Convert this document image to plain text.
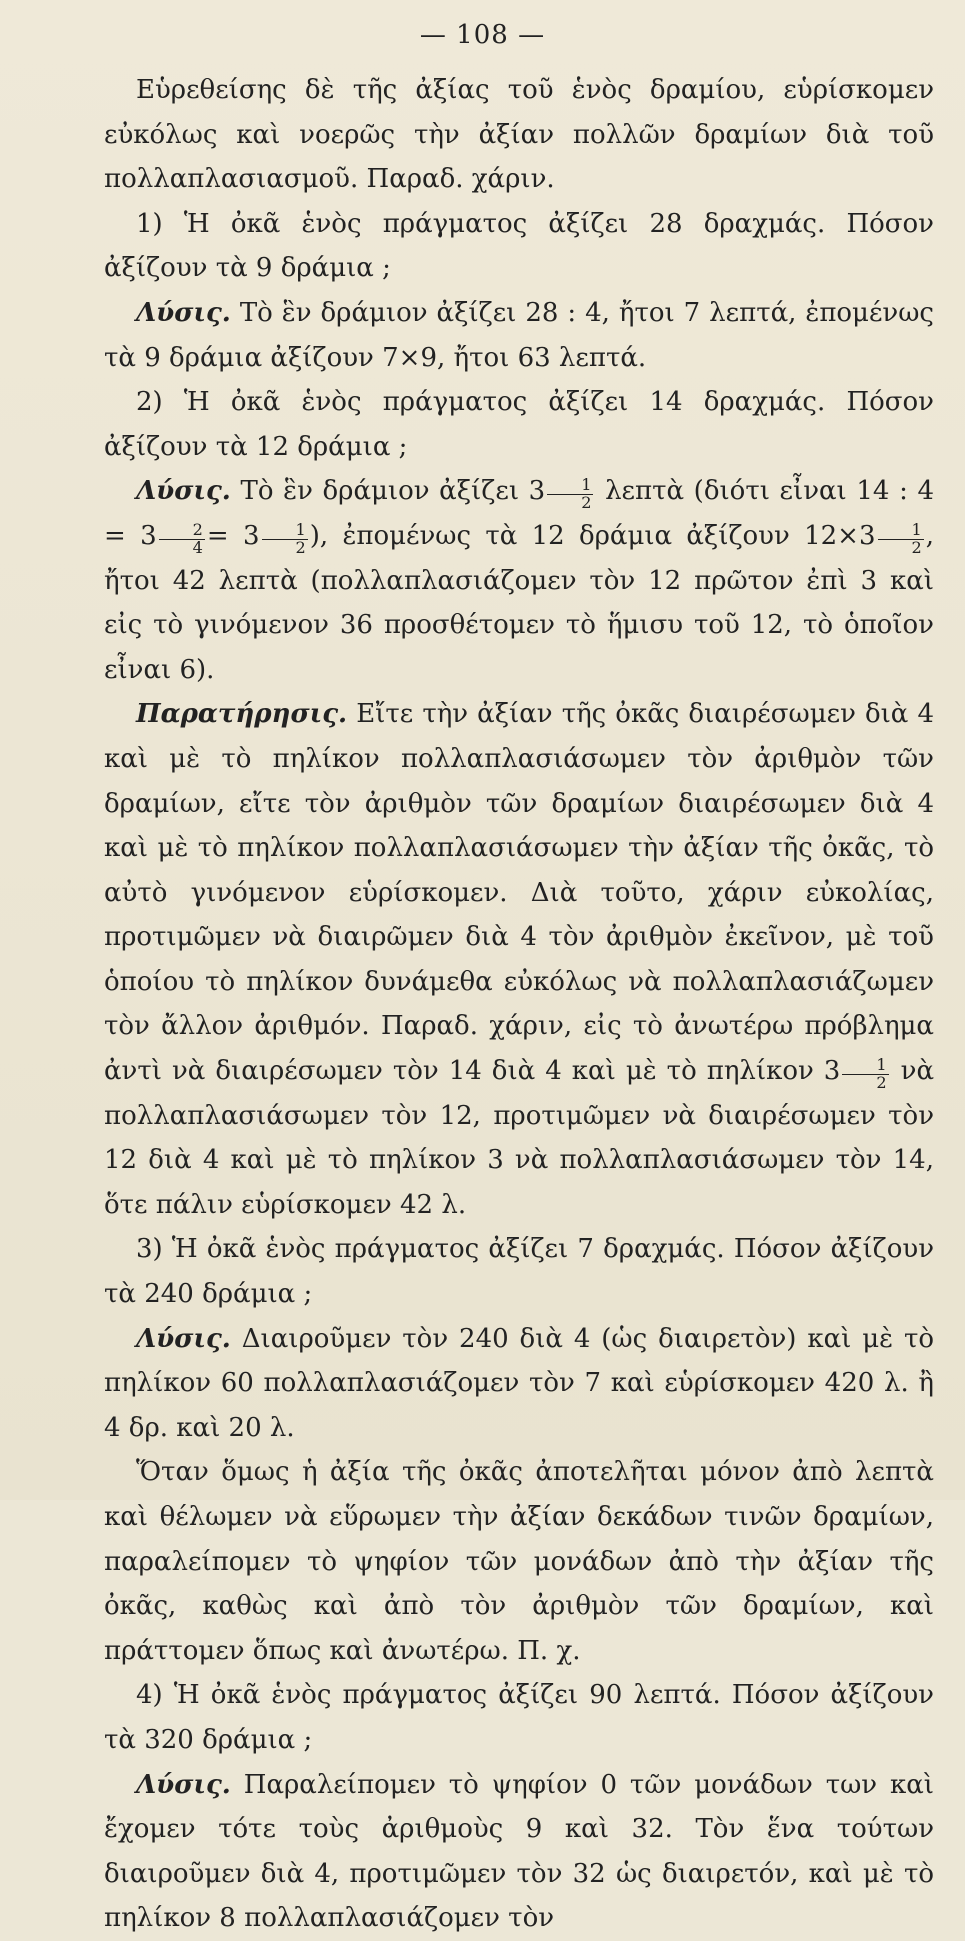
— 108 —

Εὑρεθείσης δὲ τῆς ἀξίας τοῦ ἑνὸς δραμίου, εὑρίσκομεν εὐκόλως καὶ νοερῶς τὴν ἀξίαν πολλῶν δραμίων διὰ τοῦ πολλαπλασιασμοῦ. Παραδ. χάριν.

1) Ἡ ὀκᾶ ἑνὸς πράγματος ἀξίζει 28 δραχμάς. Πόσον ἀξίζουν τὰ 9 δράμια ;

Λύσις. Τὸ ἓν δράμιον ἀξίζει 28 : 4, ἤτοι 7 λεπτά, ἐπομένως τὰ 9 δράμια ἀξίζουν 7×9, ἤτοι 63 λεπτά.

2) Ἡ ὀκᾶ ἑνὸς πράγματος ἀξίζει 14 δραχμάς. Πόσον ἀξίζουν τὰ 12 δράμια ;

Λύσις. Τὸ ἓν δράμιον ἀξίζει $3 \frac{1}{2}$ λεπτὰ (διότι εἶναι 14 : $4 = 3 \frac{2}{4} = 3 \frac{1}{2}$ ), ἐπομένως τὰ 12 δράμια ἀξίζουν $12\times 3 \frac{1}{2}$ , ἤτοι 42 λεπτὰ (πολλαπλασιάζομεν τὸν 12 πρῶτον ἐπὶ 3 καὶ εἰς τὸ γινόμενον 36 προσθέτομεν τὸ ἥμισυ τοῦ 12, τὸ ὁποῖον εἶναι 6).

Παρατήρησις. Εἴτε τὴν ἀξίαν τῆς ὀκᾶς διαιρέσωμεν διὰ 4 καὶ μὲ τὸ πηλίκον πολλαπλασιάσωμεν τὸν ἀριθμὸν τῶν δραμίων, εἴτε τὸν ἀριθμὸν τῶν δραμίων διαιρέσωμεν διὰ 4 καὶ μὲ τὸ πηλίκον πολλαπλασιάσωμεν τὴν ἀξίαν τῆς ὀκᾶς, τὸ αὐτὸ γινόμενον εὑρίσκομεν. Διὰ τοῦτο, χάριν εὐκολίας, προτιμῶμεν νὰ διαιρῶμεν διὰ 4 τὸν ἀριθμὸν ἐκεῖνον, μὲ τοῦ ὁποίου τὸ πηλίκον δυνάμεθα εὐκόλως νὰ πολλαπλασιάζωμεν τὸν ἄλλον ἀριθμόν. Παραδ. χάριν, εἰς τὸ ἀνωτέρω πρόβλημα ἀντὶ νὰ διαιρέσωμεν τὸν 14 διὰ 4 καὶ μὲ τὸ πηλίκον $3 \frac{1}{2}$ νὰ πολλαπλασιάσωμεν τὸν 12, προτιμῶμεν νὰ διαιρέσωμεν τὸν 12 διὰ 4 καὶ μὲ τὸ πηλίκον 3 νὰ πολλαπλασιάσωμεν τὸν 14, ὅτε πάλιν εὑρίσκομεν 42 λ.

3) Ἡ ὀκᾶ ἑνὸς πράγματος ἀξίζει 7 δραχμάς. Πόσον ἀξίζουν τὰ 240 δράμια ;

Λύσις. Διαιροῦμεν τὸν 240 διὰ 4 (ὡς διαιρετὸν) καὶ μὲ τὸ πηλίκον 60 πολλαπλασιάζομεν τὸν 7 καὶ εὑρίσκομεν 420 λ. ἢ 4 δρ. καὶ 20 λ.

Ὅταν ὅμως ἡ ἀξία τῆς ὀκᾶς ἀποτελῆται μόνον ἀπὸ λεπτὰ καὶ θέλωμεν νὰ εὕρωμεν τὴν ἀξίαν δεκάδων τινῶν δραμίων, παραλείπομεν τὸ ψηφίον τῶν μονάδων ἀπὸ τὴν ἀξίαν τῆς ὀκᾶς, καθὼς καὶ ἀπὸ τὸν ἀριθμὸν τῶν δραμίων, καὶ πράττομεν ὅπως καὶ ἀνωτέρω. Π. χ.

4) Ἡ ὀκᾶ ἑνὸς πράγματος ἀξίζει 90 λεπτά. Πόσον ἀξίζουν τὰ 320 δράμια ;

Λύσις. Παραλείπομεν τὸ ψηφίον 0 τῶν μονάδων των καὶ ἔχομεν τότε τοὺς ἀριθμοὺς 9 καὶ 32. Τὸν ἕνα τούτων διαιροῦμεν διὰ 4, προτιμῶμεν τὸν 32 ὡς διαιρετόν, καὶ μὲ τὸ πηλίκον 8 πολλαπλασιάζομεν τὸν
